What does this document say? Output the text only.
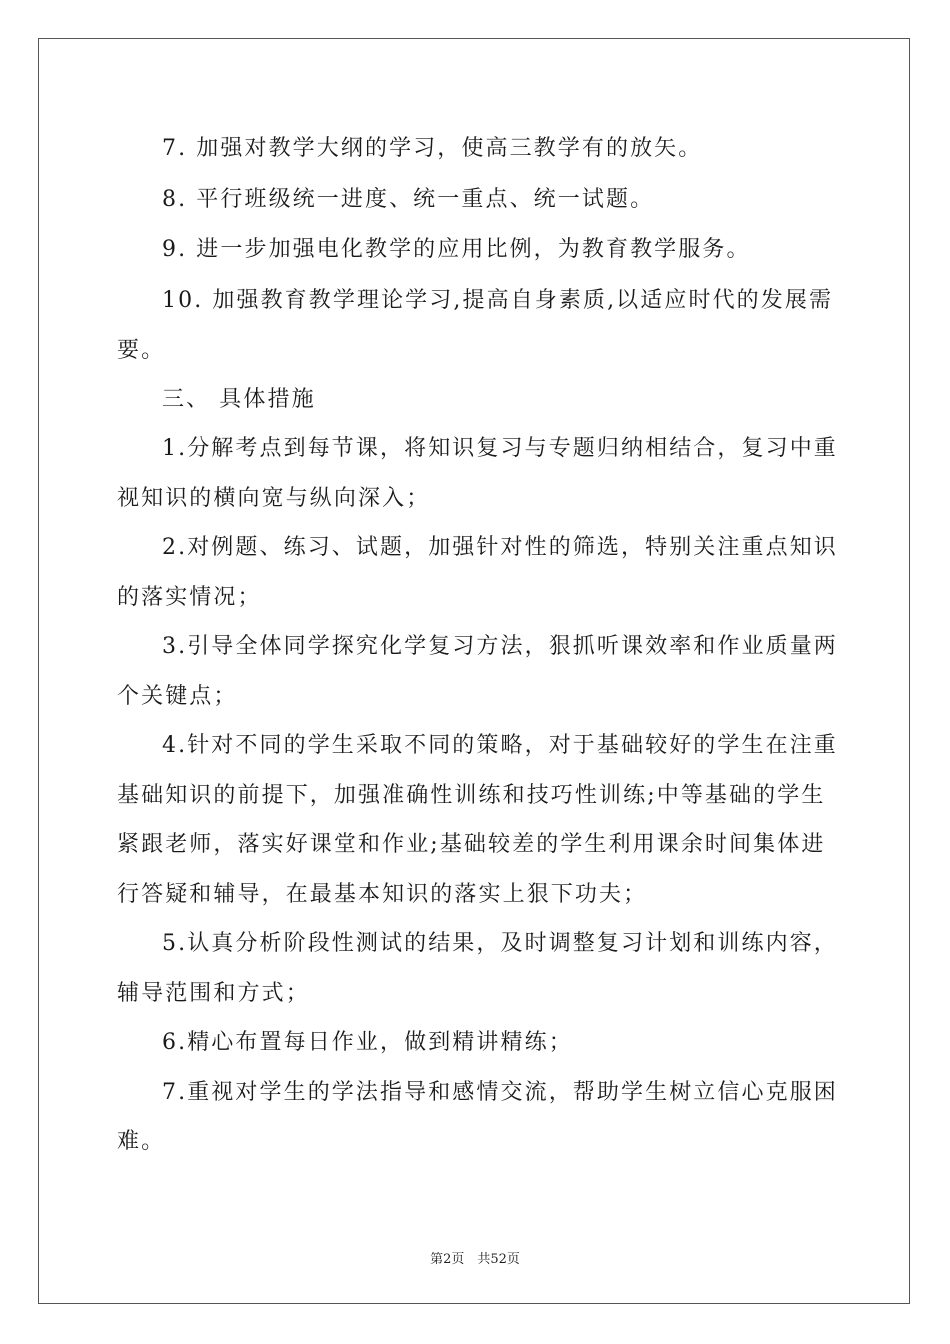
7. 加强对教学大纲的学习，使高三教学有的放矢。
8. 平行班级统一进度、统一重点、统一试题。
9. 进一步加强电化教学的应用比例，为教育教学服务。
10. 加强教育教学理论学习,提高自身素质,以适应时代的发展需
要。
三、 具体措施
1.分解考点到每节课，将知识复习与专题归纳相结合，复习中重
视知识的横向宽与纵向深入；
2.对例题、练习、试题，加强针对性的筛选，特别关注重点知识
的落实情况；
3.引导全体同学探究化学复习方法，狠抓听课效率和作业质量两
个关键点；
4.针对不同的学生采取不同的策略，对于基础较好的学生在注重
基础知识的前提下，加强准确性训练和技巧性训练;中等基础的学生
紧跟老师，落实好课堂和作业;基础较差的学生利用课余时间集体进
行答疑和辅导，在最基本知识的落实上狠下功夫；
5.认真分析阶段性测试的结果，及时调整复习计划和训练内容，
辅导范围和方式；
6.精心布置每日作业，做到精讲精练；
7.重视对学生的学法指导和感情交流，帮助学生树立信心克服困
难。
第2页　共52页
